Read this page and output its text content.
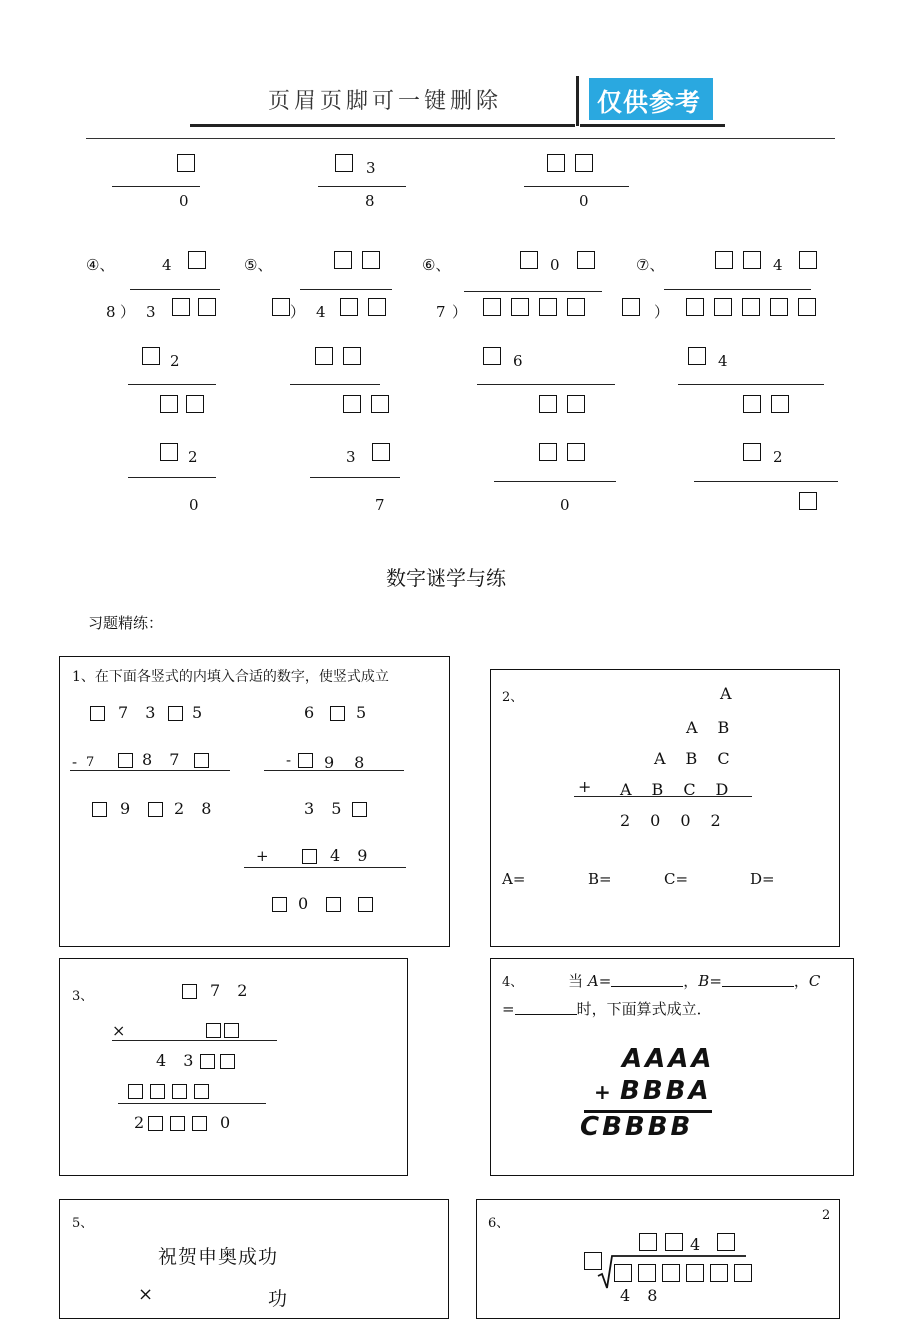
页眉页脚可一键删除	仅供参考
0
3
8	0
④、	4
8 ） 3
2
2
0
⑤、
） 4
3
7
⑥、	0
7 ）
6
0
⑦、	4
）
4
2
数字谜学与练
习题精练：
1、在下面各竖式的内填入合适的数字，使竖式成立
7 3 5
- 7	8 7
9 2 8
6 5
- 9　8
3 5
+	4 9
0
2、	A
A　B
A　B　C
+ A　B　C　D
2　0　0　2
A=	B=	C=	D=
3、	7 2
×
4 3
2	0
4、	当 A=	，B=	，C
=	时，下面算式成立．
AAAA
+ BBBA
CBBBB
5、
祝贺申奥成功
×	功
6、
4
4 8
2
